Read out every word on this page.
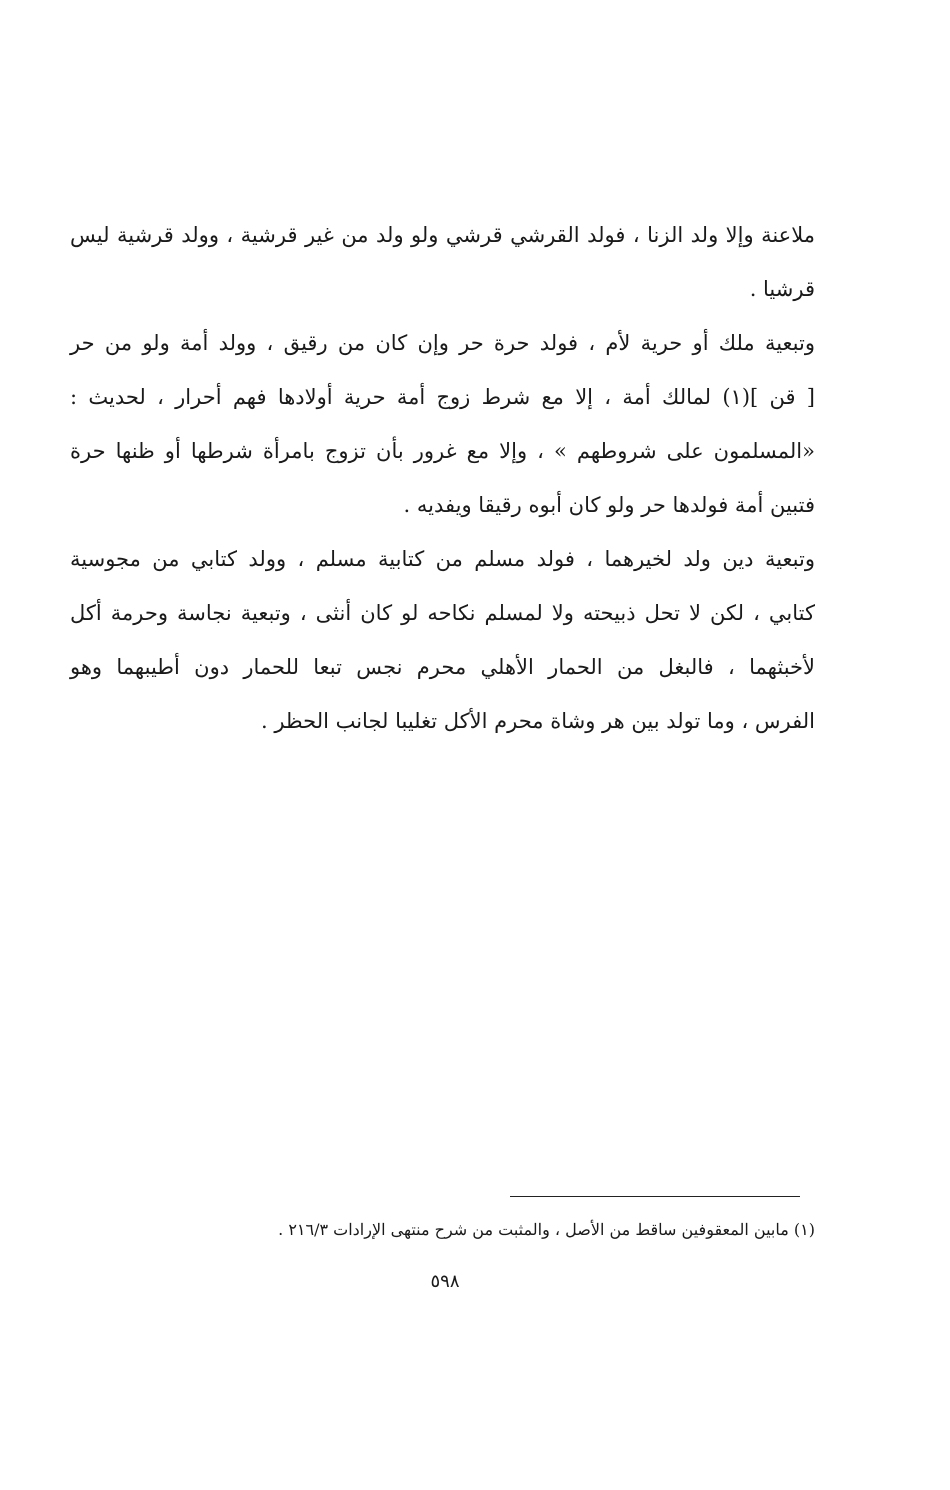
ملاعنة وإلا ولد الزنا ، فولد القرشي قرشي ولو ولد من غير قرشية ، وولد قرشية ليس
قرشيا .
وتبعية ملك أو حرية لأم ، فولد حرة حر وإن كان من رقيق ، وولد أمة ولو من حر
[ قن ](١) لمالك أمة ، إلا مع شرط زوج أمة حرية أولادها فهم أحرار ، لحديث :
«المسلمون على شروطهم » ، وإلا مع غرور بأن تزوج بامرأة شرطها أو ظنها حرة
فتبين أمة فولدها حر ولو كان أبوه رقيقا ويفديه .
وتبعية دين ولد لخيرهما ، فولد مسلم من كتابية مسلم ، وولد كتابي من مجوسية
كتابي ، لكن لا تحل ذبيحته ولا لمسلم نكاحه لو كان أنثى ، وتبعية نجاسة وحرمة أكل
لأخبثهما ، فالبغل من الحمار الأهلي محرم نجس تبعا للحمار دون أطيبهما وهو
الفرس ، وما تولد بين هر وشاة محرم الأكل تغليبا لجانب الحظر .
(١) مابين المعقوفين ساقط من الأصل ، والمثبت من شرح منتهى الإرادات ٢١٦/٣ .
٥٩٨
